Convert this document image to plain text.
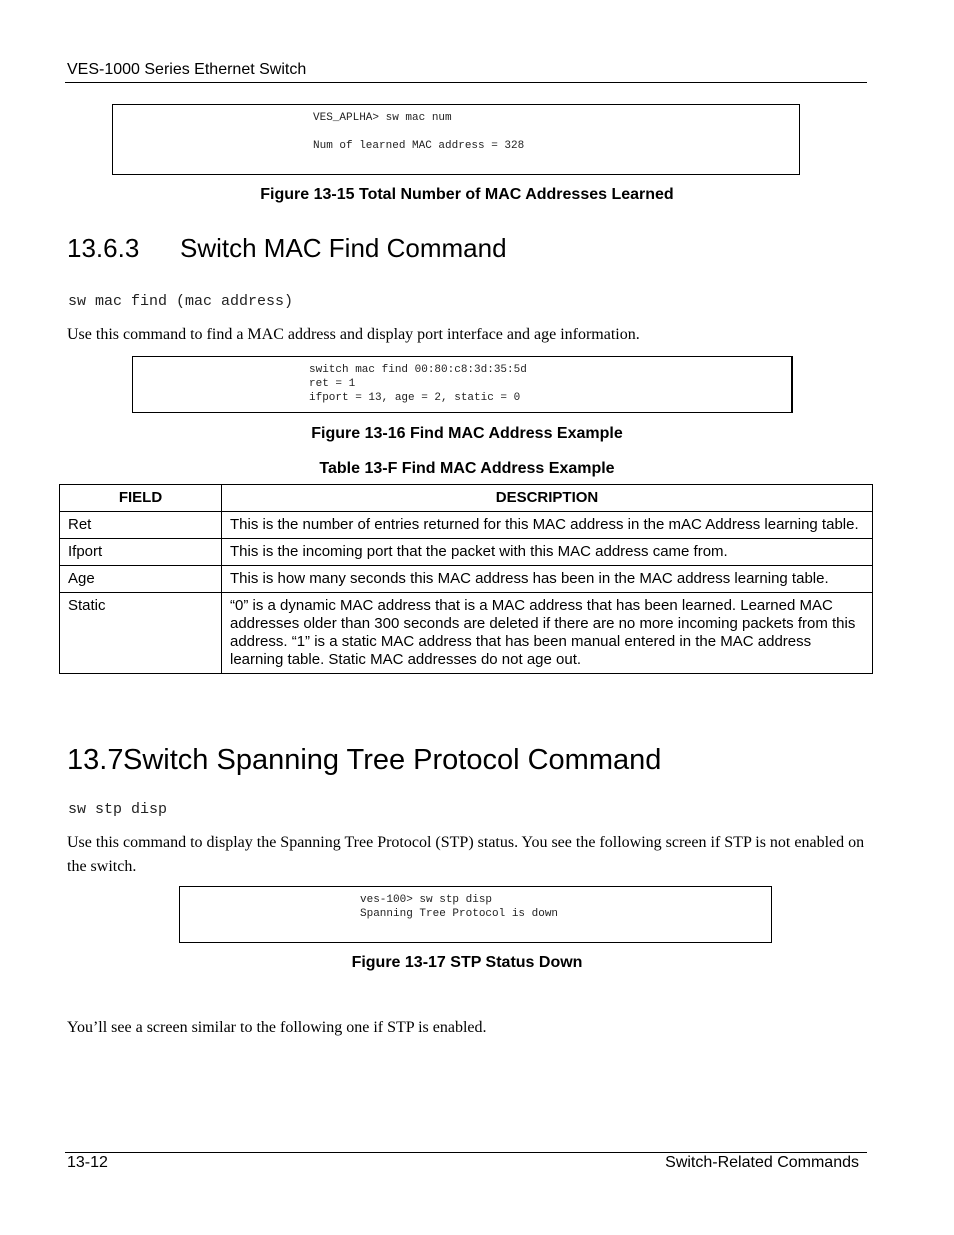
VES-1000 Series Ethernet Switch
VES_APLHA> sw mac num
Num of learned MAC address = 328
Figure 13-15 Total Number of MAC Addresses Learned
13.6.3 Switch MAC Find Command
sw mac find (mac address)
Use this command to find a MAC address and display port interface and age information.
switch mac find 00:80:c8:3d:35:5d
ret = 1
ifport = 13, age = 2, static = 0
Figure 13-16 Find MAC Address Example
Table 13-F Find MAC Address Example
FIELD	DESCRIPTION
Ret	This is the number of entries returned for this MAC address in the mAC Address learning table.
Ifport	This is the incoming port that the packet with this MAC address came from.
Age	This is how many seconds this MAC address has been in the MAC address learning table.
Static	“0” is a dynamic MAC address that is a MAC address that has been learned. Learned MAC addresses older than 300 seconds are deleted if there are no more incoming packets from this address. “1” is a static MAC address that has been manual entered in the MAC address learning table. Static MAC addresses do not age out.
13.7 Switch Spanning Tree Protocol Command
sw stp disp
Use this command to display the Spanning Tree Protocol (STP) status. You see the following screen if STP is not enabled on the switch.
ves-100> sw stp disp
Spanning Tree Protocol is down
Figure 13-17 STP Status Down
You’ll see a screen similar to the following one if STP is enabled.
13-12	Switch-Related Commands
